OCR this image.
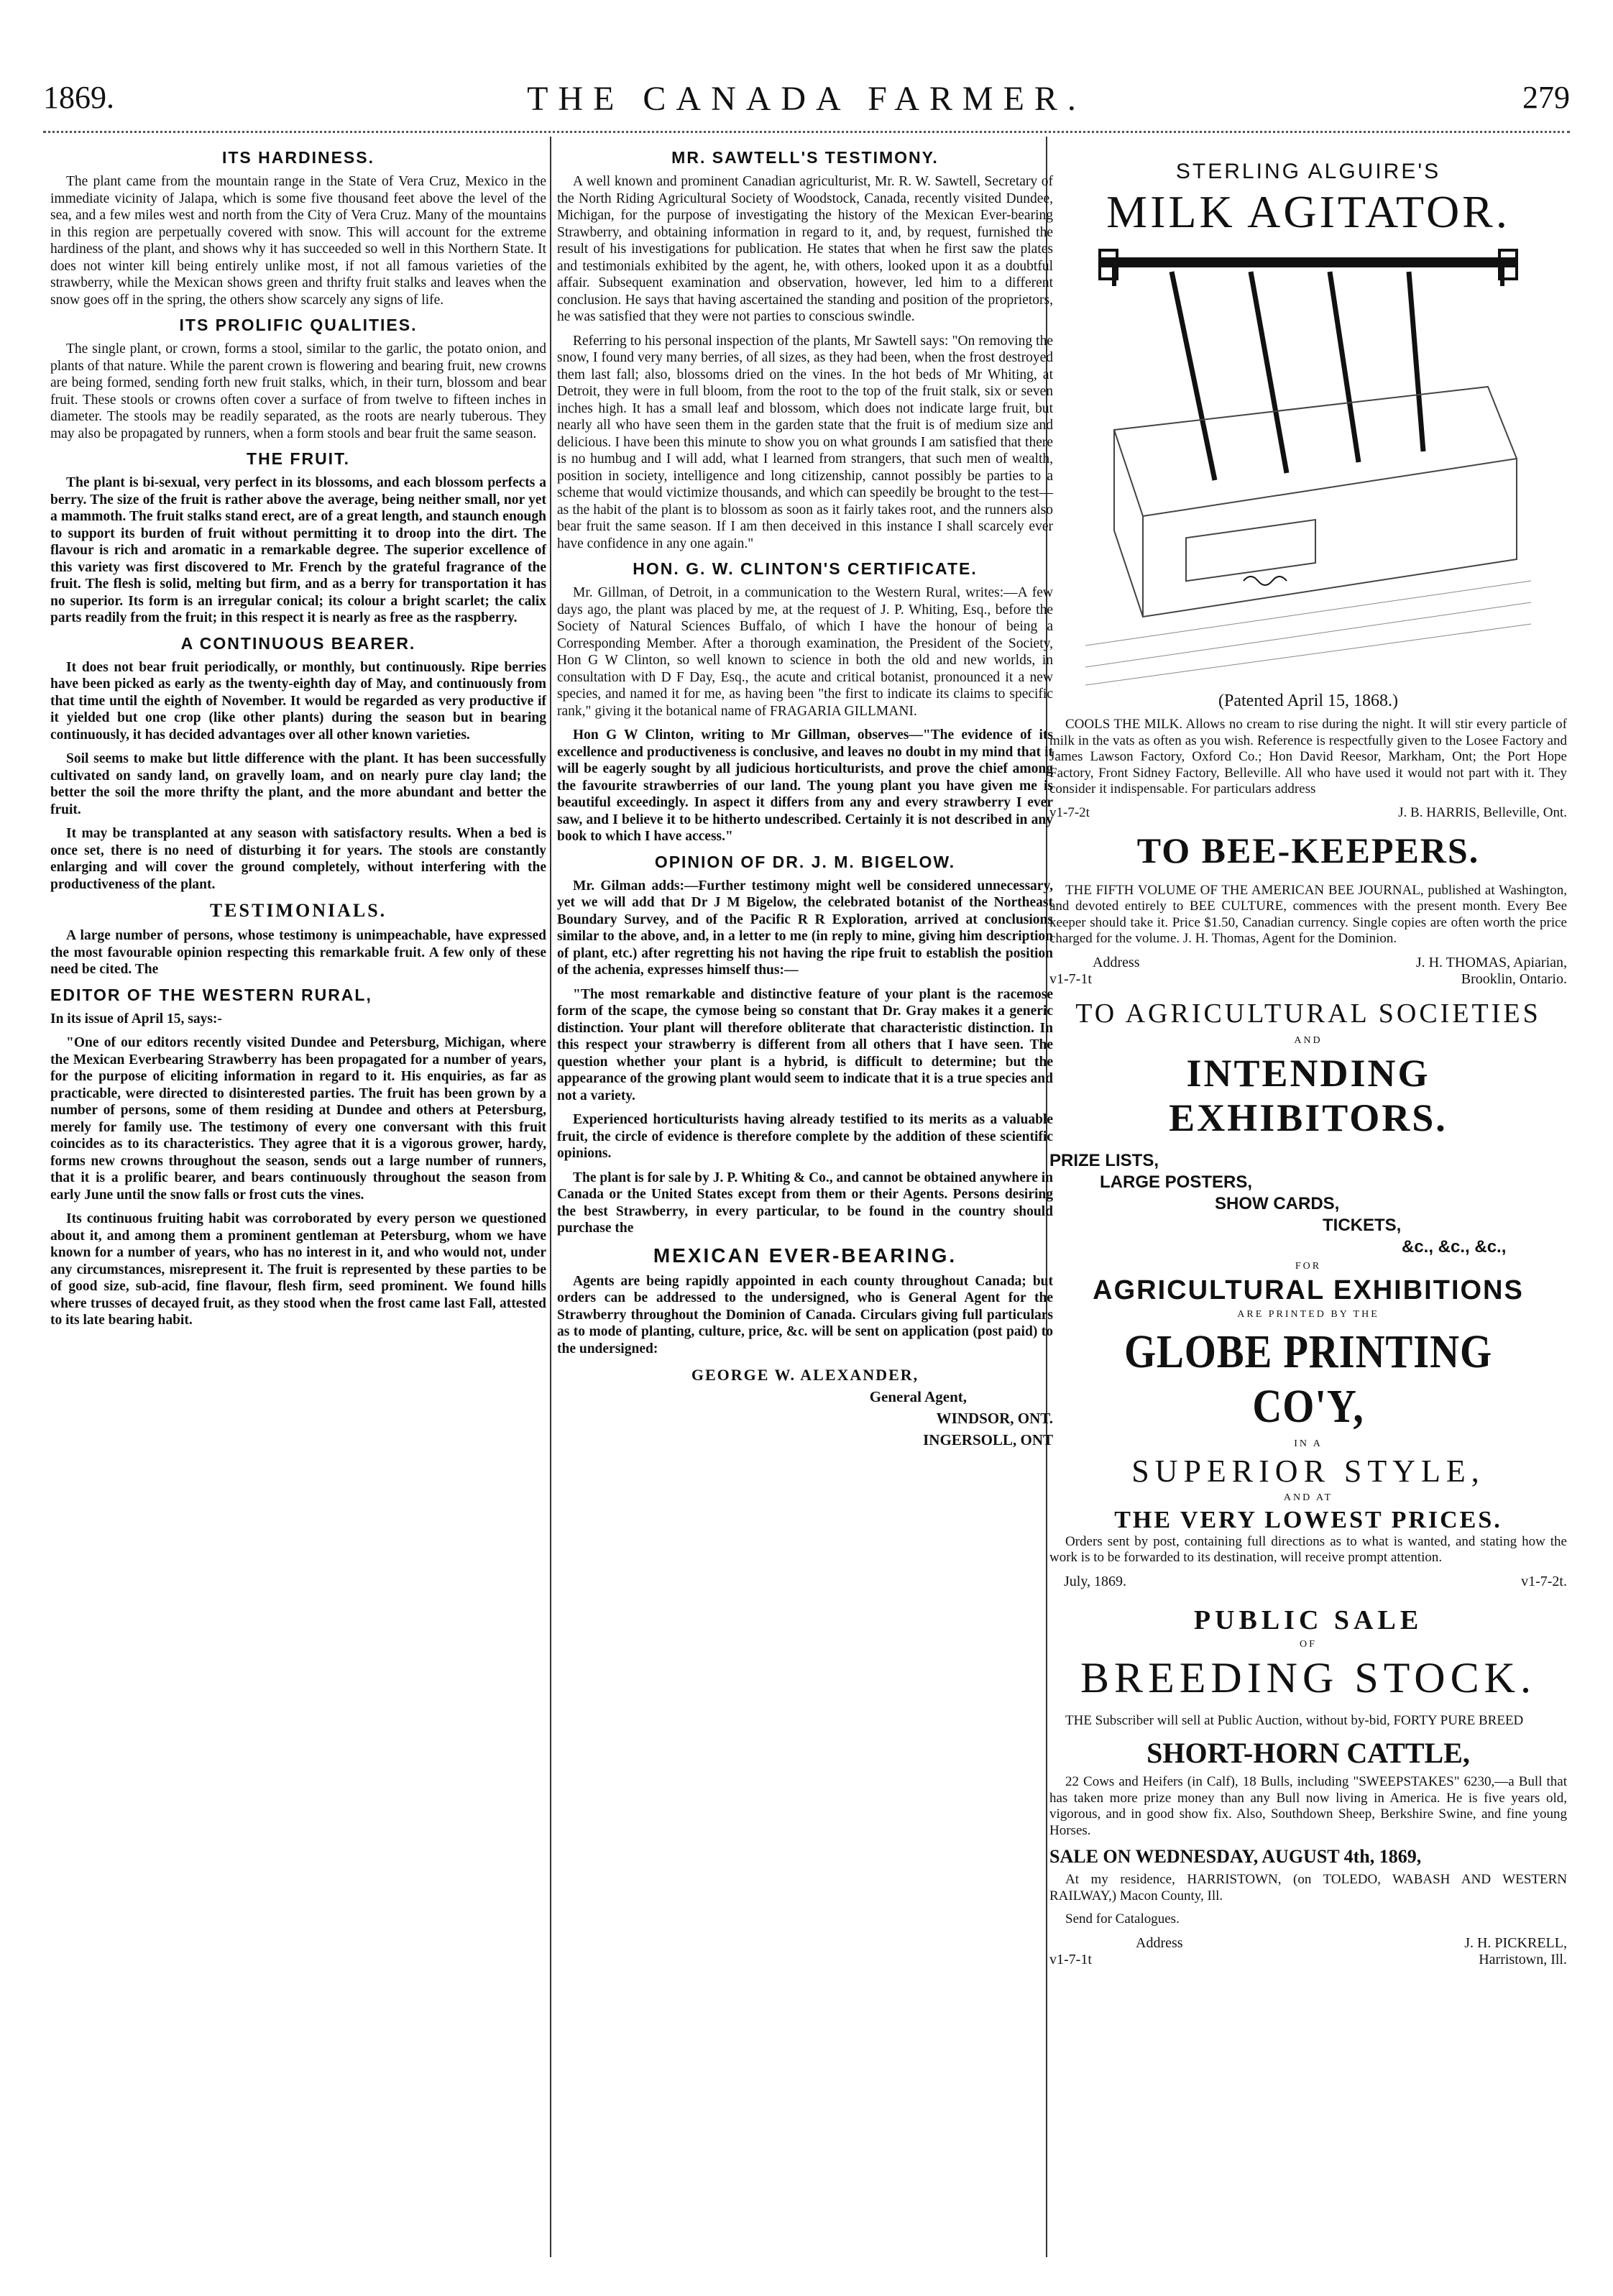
1869.	THE CANADA FARMER.	279
ITS HARDINESS.

The plant came from the mountain range in the State of Vera Cruz, Mexico in the immediate vicinity of Jalapa, which is some five thousand feet above the level of the sea, and a few miles west and north from the City of Vera Cruz. Many of the mountains in this region are perpetually covered with snow. This will account for the extreme hardiness of the plant, and shows why it has succeeded so well in this Northern State. It does not winter kill being entirely unlike most, if not all famous varieties of the strawberry, while the Mexican shows green and thrifty fruit stalks and leaves when the snow goes off in the spring, the others show scarcely any signs of life.

ITS PROLIFIC QUALITIES.

The single plant, or crown, forms a stool, similar to the garlic, the potato onion, and plants of that nature. While the parent crown is flowering and bearing fruit, new crowns are being formed, sending forth new fruit stalks, which, in their turn, blossom and bear fruit. These stools or crowns often cover a surface of from twelve to fifteen inches in diameter. The stools may be readily separated, as the roots are nearly tuberous. They may also be propagated by runners, when a form stools and bear fruit the same season.

THE FRUIT.

The plant is bi-sexual, very perfect in its blossoms, and each blossom perfects a berry. The size of the fruit is rather above the average, being neither small, nor yet a mammoth. The fruit stalks stand erect, are of a great length, and staunch enough to support its burden of fruit without permitting it to droop into the dirt. The flavour is rich and aromatic in a remarkable degree. The superior excellence of this variety was first discovered to Mr. French by the grateful fragrance of the fruit. The flesh is solid, melting but firm, and as a berry for transportation it has no superior. Its form is an irregular conical; its colour a bright scarlet; the calix parts readily from the fruit; in this respect it is nearly as free as the raspberry.

A CONTINUOUS BEARER.

It does not bear fruit periodically, or monthly, but continuously. Ripe berries have been picked as early as the twenty-eighth day of May, and continuously from that time until the eighth of November. It would be regarded as very productive if it yielded but one crop (like other plants) during the season but in bearing continuously, it has decided advantages over all other known varieties.

Soil seems to make but little difference with the plant. It has been successfully cultivated on sandy land, on gravelly loam, and on nearly pure clay land; the better the soil the more thrifty the plant, and the more abundant and better the fruit.

It may be transplanted at any season with satisfactory results. When a bed is once set, there is no need of disturbing it for years. The stools are constantly enlarging and will cover the ground completely, without interfering with the productiveness of the plant.

TESTIMONIALS.

A large number of persons, whose testimony is unimpeachable, have expressed the most favourable opinion respecting this remarkable fruit. A few only of these need be cited. The

EDITOR OF THE WESTERN RURAL,

In its issue of April 15, says:-

"One of our editors recently visited Dundee and Petersburg, Michigan, where the Mexican Everbearing Strawberry has been propagated for a number of years, for the purpose of eliciting information in regard to it. His enquiries, as far as practicable, were directed to disinterested parties. The fruit has been grown by a number of persons, some of them residing at Dundee and others at Petersburg, merely for family use. The testimony of every one conversant with this fruit coincides as to its characteristics. They agree that it is a vigorous grower, hardy, forms new crowns throughout the season, sends out a large number of runners, that it is a prolific bearer, and bears continuously throughout the season from early June until the snow falls or frost cuts the vines.

Its continuous fruiting habit was corroborated by every person we questioned about it, and among them a prominent gentleman at Petersburg, whom we have known for a number of years, who has no interest in it, and who would not, under any circumstances, misrepresent it. The fruit is represented by these parties to be of good size, sub-acid, fine flavour, flesh firm, seed prominent. We found hills where trusses of decayed fruit, as they stood when the frost came last Fall, attested to its late bearing habit.

MR. SAWTELL'S TESTIMONY.

A well known and prominent Canadian agriculturist, Mr. R. W. Sawtell, Secretary of the North Riding Agricultural Society of Woodstock, Canada, recently visited Dundee, Michigan, for the purpose of investigating the history of the Mexican Ever-bearing Strawberry, and obtaining information in regard to it, and, by request, furnished the result of his investigations for publication. He states that when he first saw the plates and testimonials exhibited by the agent, he, with others, looked upon it as a doubtful affair. Subsequent examination and observation, however, led him to a different conclusion. He says that having ascertained the standing and position of the proprietors, he was satisfied that they were not parties to conscious swindle.

Referring to his personal inspection of the plants, Mr Sawtell says: "On removing the snow, I found very many berries, of all sizes, as they had been, when the frost destroyed them last fall; also, blossoms dried on the vines. In the hot beds of Mr Whiting, at Detroit, they were in full bloom, from the root to the top of the fruit stalk, six or seven inches high. It has a small leaf and blossom, which does not indicate large fruit, but nearly all who have seen them in the garden state that the fruit is of medium size and delicious. I have been this minute to show you on what grounds I am satisfied that there is no humbug and I will add, what I learned from strangers, that such men of wealth, position in society, intelligence and long citizenship, cannot possibly be parties to a scheme that would victimize thousands, and which can speedily be brought to the test—as the habit of the plant is to blossom as soon as it fairly takes root, and the runners also bear fruit the same season. If I am then deceived in this instance I shall scarcely ever have confidence in any one again."

HON. G. W. CLINTON'S CERTIFICATE.

Mr. Gillman, of Detroit, in a communication to the Western Rural, writes:—A few days ago, the plant was placed by me, at the request of J. P. Whiting, Esq., before the Society of Natural Sciences Buffalo, of which I have the honour of being a Corresponding Member. After a thorough examination, the President of the Society, Hon G W Clinton, so well known to science in both the old and new worlds, in consultation with D F Day, Esq., the acute and critical botanist, pronounced it a new species, and named it for me, as having been "the first to indicate its claims to specific rank," giving it the botanical name of FRAGARIA GILLMANI.

Hon G W Clinton, writing to Mr Gillman, observes—"The evidence of its excellence and productiveness is conclusive, and leaves no doubt in my mind that it will be eagerly sought by all judicious horticulturists, and prove the chief among the favourite strawberries of our land. The young plant you have given me is beautiful exceedingly. In aspect it differs from any and every strawberry I ever saw, and I believe it to be hitherto undescribed. Certainly it is not described in any book to which I have access."

OPINION OF DR. J. M. BIGELOW.

Mr. Gilman adds:—Further testimony might well be considered unnecessary, yet we will add that Dr J M Bigelow, the celebrated botanist of the Northeast Boundary Survey, and of the Pacific R R Exploration, arrived at conclusions similar to the above, and, in a letter to me (in reply to mine, giving him description of plant, etc.) after regretting his not having the ripe fruit to establish the position of the achenia, expresses himself thus:—

"The most remarkable and distinctive feature of your plant is the racemose form of the scape, the cymose being so constant that Dr. Gray makes it a generic distinction. Your plant will therefore obliterate that characteristic distinction. In this respect your strawberry is different from all others that I have seen. The question whether your plant is a hybrid, is difficult to determine; but the appearance of the growing plant would seem to indicate that it is a true species and not a variety.

Experienced horticulturists having already testified to its merits as a valuable fruit, the circle of evidence is therefore complete by the addition of these scientific opinions.

The plant is for sale by J. P. Whiting & Co., and cannot be obtained anywhere in Canada or the United States except from them or their Agents. Persons desiring the best Strawberry, in every particular, to be found in the country should purchase the

MEXICAN EVER-BEARING.

Agents are being rapidly appointed in each county throughout Canada; but orders can be addressed to the undersigned, who is General Agent for the Strawberry throughout the Dominion of Canada. Circulars giving full particulars as to mode of planting, culture, price, &c. will be sent on application (post paid) to the undersigned:

GEORGE W. ALEXANDER,
General Agent,
WINDSOR, ONT.
INGERSOLL, ONT
STERLING ALGUIRE'S
MILK AGITATOR.
(Patented April 15, 1868.)

COOLS THE MILK. Allows no cream to rise during the night. It will stir every particle of milk in the vats as often as you wish. Reference is respectfully given to the Losee Factory and James Lawson Factory, Oxford Co.; Hon David Reesor, Markham, Ont; the Port Hope Factory, Front Sidney Factory, Belleville. All who have used it would not part with it. They consider it indispensable. For particulars address

v1-7-2t	J. B. HARRIS, Belleville, Ont.
TO BEE-KEEPERS.

THE FIFTH VOLUME OF THE AMERICAN BEE JOURNAL, published at Washington, and devoted entirely to BEE CULTURE, commences with the present month. Every Bee keeper should take it. Price $1.50, Canadian currency. Single copies are often worth the price charged for the volume. J. H. Thomas, Agent for the Dominion.

Address	J. H. THOMAS, Apiarian,
v1-7-1t	Brooklin, Ontario.
TO AGRICULTURAL SOCIETIES
AND
INTENDING EXHIBITORS.
PRIZE LISTS,
LARGE POSTERS,
SHOW CARDS,
TICKETS,
&c., &c., &c.,
FOR
AGRICULTURAL EXHIBITIONS
ARE PRINTED BY THE
GLOBE PRINTING CO'Y,
IN A
SUPERIOR STYLE,
AND AT
THE VERY LOWEST PRICES.

Orders sent by post, containing full directions as to what is wanted, and stating how the work is to be forwarded to its destination, will receive prompt attention.

July, 1869.	v1-7-2t.
PUBLIC SALE
OF
BREEDING STOCK.

THE Subscriber will sell at Public Auction, without by-bid, FORTY PURE BREED

SHORT-HORN CATTLE,

22 Cows and Heifers (in Calf), 18 Bulls, including "SWEEPSTAKES" 6230,—a Bull that has taken more prize money than any Bull now living in America. He is five years old, vigorous, and in good show fix. Also, Southdown Sheep, Berkshire Swine, and fine young Horses.

SALE ON WEDNESDAY, AUGUST 4th, 1869,

At my residence, HARRISTOWN, (on TOLEDO, WABASH AND WESTERN RAILWAY,) Macon County, Ill.

Send for Catalogues.

Address	J. H. PICKRELL,
v1-7-1t	Harristown, Ill.
